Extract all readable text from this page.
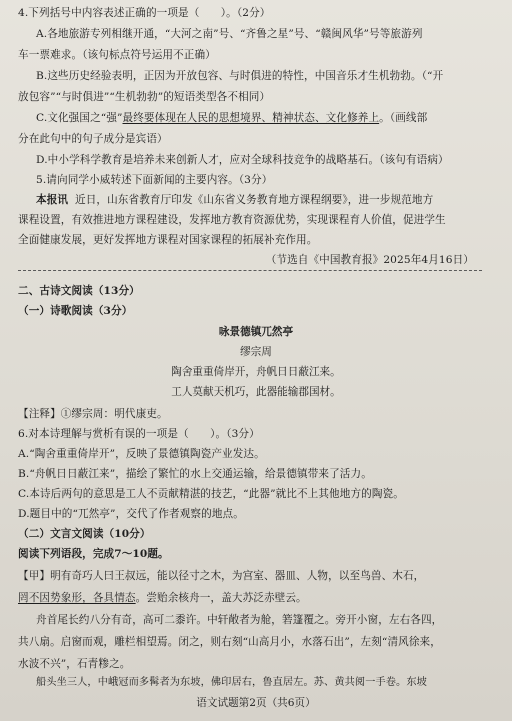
4.下列括号中内容表述正确的一项是（　　）。（2分）
A.各地旅游专列相继开通，“大河之南”号、“齐鲁之星”号、“赣闽风华”号等旅游列
车一票难求。（该句标点符号运用不正确）
B.这些历史经验表明，正因为开放包容、与时俱进的特性，中国音乐才生机勃勃。（“开
放包容”“与时俱进”“生机勃勃”的短语类型各不相同）
C.文化强国之“强”最终要体现在人民的思想境界、精神状态、文化修养上。（画线部
分在此句中的句子成分是宾语）
D.中小学科学教育是培养未来创新人才，应对全球科技竞争的战略基石。（该句有语病）
5.请向同学小威转述下面新闻的主要内容。（3分）
本报讯 近日，山东省教育厅印发《山东省义务教育地方课程纲要》，进一步规范地方
课程设置，有效推进地方课程建设，发挥地方教育资源优势，实现课程育人价值，促进学生
全面健康发展，更好发挥地方课程对国家课程的拓展补充作用。
（节选自《中国教育报》2025年4月16日）
二、古诗文阅读（13分）
（一）诗歌阅读（3分）
咏景德镇兀然亭
缪宗周
陶舍重重倚岸开，舟帆日日蔽江来。
工人莫献天机巧，此器能输郡国材。
【注释】①缪宗周：明代康吏。
6.对本诗理解与赏析有误的一项是（　　）。（3分）
A.“陶舍重重倚岸开”，反映了景德镇陶瓷产业发达。
B.“舟帆日日蔽江来”，描绘了繁忙的水上交通运输，给景德镇带来了活力。
C.本诗后两句的意思是工人不贡献精湛的技艺，“此器”就比不上其他地方的陶瓷。
D.题目中的“兀然亭”，交代了作者观察的地点。
（二）文言文阅读（10分）
阅读下列语段，完成7～10题。
【甲】明有奇巧人曰王叔远，能以径寸之木，为宫室、器皿、人物，以至鸟兽、木石，
罔不因势象形，各具情态。尝贻余核舟一，盖大苏泛赤壁云。
舟首尾长约八分有奇，高可二黍许。中轩敞者为舱，箬篷覆之。旁开小窗，左右各四，
共八扇。启窗而观，雕栏相望焉。闭之，则右刻“山高月小，水落石出”，左刻“清风徐来，
水波不兴”，石青糁之。
船头坐三人，中峨冠而多髯者为东坡，佛印居右，鲁直居左。苏、黄共阅一手卷。东坡
语文试题第2页（共6页）
